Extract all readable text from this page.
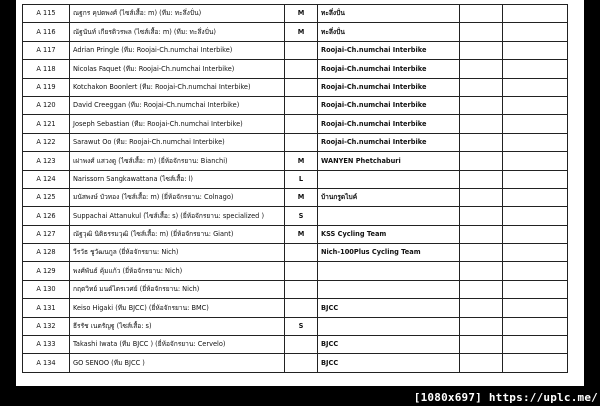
A 115	ณฐกร คุปตพงศ์ (ไซส์เสื้อ: m) (ทีม: ทะลึ่งปั่น)	M	ทะลึ่งปั่น		
A 116	ณัฐนันท์ เกียรติวรพล (ไซส์เสื้อ: m) (ทีม: ทะลึ่งปั่น)	M	ทะลึ่งปั่น		
A 117	Adrian Pringle (ทีม: Roojai-Ch.numchai Interbike)		Roojai-Ch.numchai Interbike		
A 118	Nicolas Faquet (ทีม: Roojai-Ch.numchai Interbike)		Roojai-Ch.numchai Interbike		
A 119	Kotchakon Boonlert (ทีม: Roojai-Ch.numchai Interbike)		Roojai-Ch.numchai Interbike		
A 120	David Creeggan (ทีม: Roojai-Ch.numchai Interbike)		Roojai-Ch.numchai Interbike		
A 121	Joseph Sebastian (ทีม: Roojai-Ch.numchai Interbike)		Roojai-Ch.numchai Interbike		
A 122	Sarawut Oo (ทีม: Roojai-Ch.numchai Interbike)		Roojai-Ch.numchai Interbike		
A 123	เผ่าพงศ์ แสวงดู (ไซส์เสื้อ: m) (ยี่ห้อจักรยาน: Bianchi)	M	WANYEN Phetchaburi		
A 124	Narissorn Sangkawattana (ไซส์เสื้อ: l)	L			
A 125	มนัสพงษ์ บัวทอง (ไซส์เสื้อ: m) (ยี่ห้อจักรยาน: Colnago)	M	บ้านกรูดไบค์		
A 126	Suppachai Attanukul (ไซส์เสื้อ: s) (ยี่ห้อจักรยาน: specialized )	S			
A 127	ณัฐวุฒิ นิติธรรมวุฒิ (ไซส์เสื้อ: m) (ยี่ห้อจักรยาน: Giant)	M	KSS Cycling Team		
A 128	วีรวัธ ชูวัฒนกูล (ยี่ห้อจักรยาน: Nich)		Nich-100Plus Cycling Team		
A 129	พงศ์พันธ์ คุ้มแก้ว (ยี่ห้อจักรยาน: Nich)				
A 130	กฤตวิทย์ มนต์ไตรเวศย์ (ยี่ห้อจักรยาน: Nich)				
A 131	Keiso Higaki (ทีม BJCC) (ยี่ห้อจักรยาน: BMC)		BJCC		
A 132	ธีรรัช เนตรัญฐู (ไซส์เสื้อ: s)	S			
A 133	Takashi Iwata (ทีม BJCC ) (ยี่ห้อจักรยาน: Cervelo)		BJCC		
A 134	GO SENOO (ทีม BJCC )		BJCC		
[1080x697] https://uplc.me/
